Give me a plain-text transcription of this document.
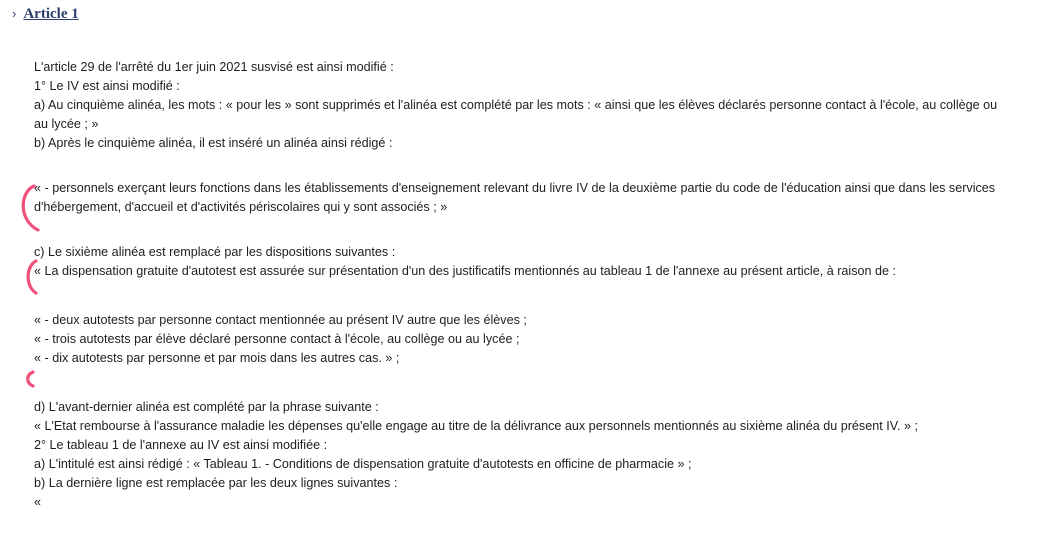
› Article 1
L'article 29 de l'arrêté du 1er juin 2021 susvisé est ainsi modifié :
1° Le IV est ainsi modifié :
a) Au cinquième alinéa, les mots : « pour les » sont supprimés et l'alinéa est complété par les mots : « ainsi que les élèves déclarés personne contact à l'école, au collège ou au lycée ; »
b) Après le cinquième alinéa, il est inséré un alinéa ainsi rédigé :
« - personnels exerçant leurs fonctions dans les établissements d'enseignement relevant du livre IV de la deuxième partie du code de l'éducation ainsi que dans les services d'hébergement, d'accueil et d'activités périscolaires qui y sont associés ; »
c) Le sixième alinéa est remplacé par les dispositions suivantes :
« La dispensation gratuite d'autotest est assurée sur présentation d'un des justificatifs mentionnés au tableau 1 de l'annexe au présent article, à raison de :
« - deux autotests par personne contact mentionnée au présent IV autre que les élèves ;
« - trois autotests par élève déclaré personne contact à l'école, au collège ou au lycée ;
« - dix autotests par personne et par mois dans les autres cas. » ;
d) L'avant-dernier alinéa est complété par la phrase suivante :
« L'Etat rembourse à l'assurance maladie les dépenses qu'elle engage au titre de la délivrance aux personnels mentionnés au sixième alinéa du présent IV. » ;
2° Le tableau 1 de l'annexe au IV est ainsi modifiée :
a) L'intitulé est ainsi rédigé : « Tableau 1. - Conditions de dispensation gratuite d'autotests en officine de pharmacie » ;
b) La dernière ligne est remplacée par les deux lignes suivantes :
«
